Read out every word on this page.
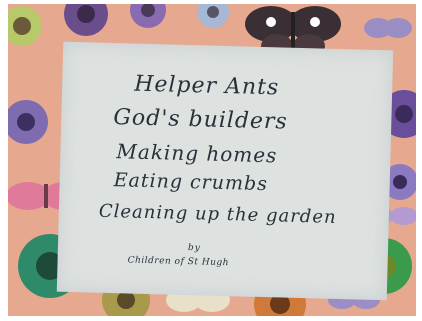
Helper Ants
God's builders
Making homes
Eating crumbs
Cleaning up the garden
by
Children of St Hugh
